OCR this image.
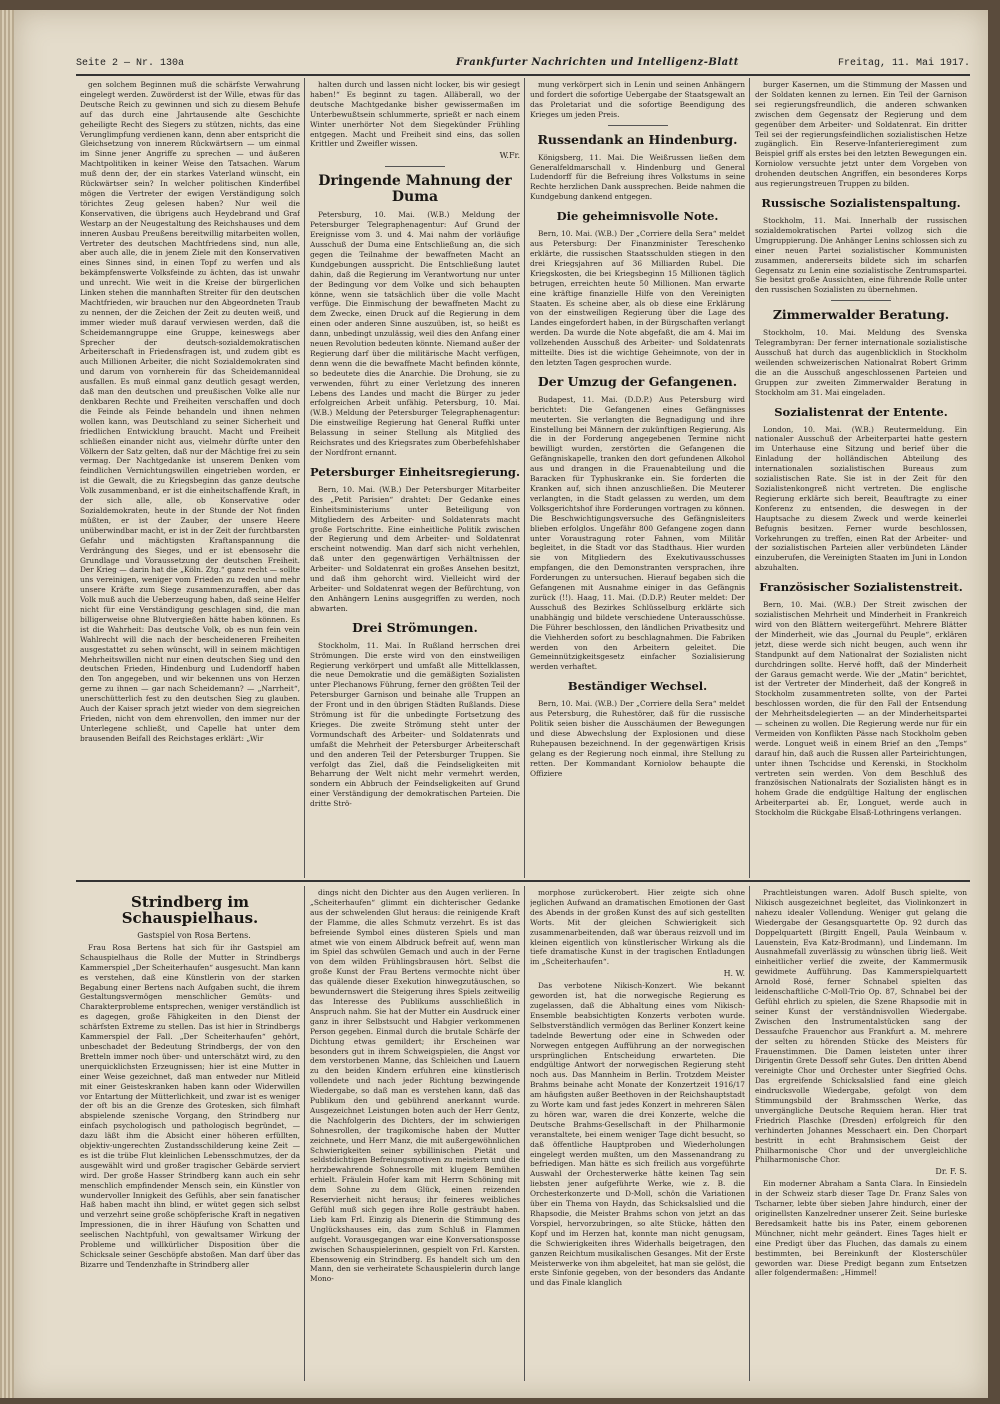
Seite 2 — Nr. 130a	Frankfurter Nachrichten und Intelligenz-Blatt	Freitag, 11. Mai 1917.

gen solchem Beginnen muß die schärfste Verwahrung eingelegt werden. Zuwörderst ist der Wille, etwas für das Deutsche Reich zu gewinnen und sich zu diesem Behufe auf das durch eine Jahrtausende alte Geschichte geheiligte Recht des Siegers zu stützen, nichts, das eine Verunglimpfung verdienen kann, denn aber entspricht die Gleichsetzung von innerem Rückwärtsern — um einmal im Sinne jener Angriffe zu sprechen — und äußeren Machtpolitiken in keiner Weise den Tatsachen. Warum muß denn der, der ein starkes Vaterland wünscht, ein Rückwärtser sein? In welcher politischen Kinderfibel mögen die Vertreter der ewigen Verständigung solch törichtes Zeug gelesen haben? Nur weil die Konservativen, die übrigens auch Heydebrand und Graf Westarp an der Neugestaltung des Reichshauses und dem inneren Ausbau Preußens bereitwillig mitarbeiten wollen, Vertreter des deutschen Machtfriedens sind, nun alle, aber auch alle, die in jenem Ziele mit den Konservativen eines Sinnes sind, in einen Topf zu werfen und als bekämpfenswerte Volksfeinde zu ächten, das ist unwahr und unrecht. Wie weit in die Kreise der bürgerlichen Linken stehen die mannhaften Streiter für den deutschen Machtfrieden, wir brauchen nur den Abgeordneten Traub zu nennen, der die Zeichen der Zeit zu deuten weiß, und immer wieder muß darauf verwiesen werden, daß die Scheidemanngruppe eine Gruppe, keineswegs aber Sprecher der deutsch-sozialdemokratischen Arbeiterschaft in Friedensfragen ist, und zudem gibt es auch Millionen Arbeiter, die nicht Sozialdemokraten sind und darum von vornherein für das Scheidemannideal ausfallen. Es muß einmal ganz deutlich gesagt werden, daß man den deutschen und preußischen Volke alle nur denkbaren Rechte und Freiheiten verschaffen und doch die Feinde als Feinde behandeln und ihnen nehmen wollen kann, was Deutschland zu seiner Sicherheit und friedlichen Entwicklung braucht. Macht und Freiheit schließen einander nicht aus, vielmehr dürfte unter den Völkern der Satz gelten, daß nur der Mächtige frei zu sein vermag. Der Nachtgedanke ist unserem Denken vom feindlichen Vernichtungswillen eingetrieben worden, er ist die Gewalt, die zu Kriegsbeginn das ganze deutsche Volk zusammenband, er ist die einheitschaffende Kraft, in der sich alle, alle, ob Konservative oder Sozialdemokraten, heute in der Stunde der Not finden müßten, er ist der Zauber, der unsere Heere unüberwindbar macht, er ist in der Zeit der furchtbarsten Gefahr und mächtigsten Kraftanspannung die Verdrängung des Sieges, und er ist ebensosehr die Grundlage und Voraussetzung der deutschen Freiheit. Der Krieg — darin hat die „Köln. Ztg.“ ganz recht — sollte uns vereinigen, weniger vom Frieden zu reden und mehr unsere Kräfte zum Siege zusammenzuraffen, aber das Volk muß auch die Ueberzeugung haben, daß seine Helfer nicht für eine Verständigung geschlagen sind, die man billigerweise ohne Blutvergießen hätte haben können. Es ist die Wahrheit: Das deutsche Volk, ob es nun fein vein Wahlrecht will die nach der bescheideneren Freiheiten ausgestattet zu sehen wünscht, will in seinem mächtigen Mehrheitswillen nicht nur einen deutschen Sieg und den deutschen Frieden, Hindenburg und Ludendorff haben den Ton angegeben, und wir bekennen uns von Herzen gerne zu ihnen — gar nach Scheidemann? — „Narrheit“, unerschütterlich fest zu den deutschen Sieg zu glauben. Auch der Kaiser sprach jetzt wieder von dem siegreichen Frieden, nicht von dem ehrenvollen, den immer nur der Unterlegene schließt, und Capelle hat unter dem brausenden Beifall des Reichstages erklärt: „Wir

halten durch und lassen nicht locker, bis wir gesiegt haben!“ Es beginnt zu tagen. Alläberall, wo der deutsche Machtgedanke bisher gewissermaßen im Unterbewußtsein schlummerte, sprießt er nach einem Winter unerhörter Not dem Siegekünder Frühling entgegen. Macht und Freiheit sind eins, das sollen Krittler und Zweifler wissen.

W.Fr.

Dringende Mahnung der Duma

Petersburg, 10. Mai. (W.B.) Meldung der Petersburger Telegraphenagentur: Auf Grund der Ereignisse vom 3. und 4. Mai nahm der vorläufige Ausschuß der Duma eine Entschließung an, die sich gegen die Teilnahme der bewaffneten Macht an Kundgebungen ausspricht. Die Entschließung lautet dahin, daß die Regierung im Verantwortung nur unter der Bedingung vor dem Volke und sich behaupten könne, wenn sie tatsächlich über die volle Macht verfüge. Die Einmischung der bewaffneten Macht zu dem Zwecke, einen Druck auf die Regierung in dem einen oder anderen Sinne auszuüben, ist, so heißt es dann, unbedingt unzulässig, weil dies den Anfang einer neuen Revolution bedeuten könnte. Niemand außer der Regierung darf über die militärische Macht verfügen, denn wenn die die bewaffnete Macht befinden könnte, so bedeutete dies die Anarchie. Die Drohung, sie zu verwenden, führt zu einer Verletzung des inneren Lebens des Landes und macht die Bürger zu jeder erfolgreichen Arbeit unfähig. Petersburg, 10. Mai. (W.B.) Meldung der Petersburger Telegraphenagentur: Die einstweilige Regierung hat General Ruffki unter Belassung in seiner Stellung als Mitglied des Reichsrates und des Kriegsrates zum Oberbefehlshaber der Nordfront ernannt.

Petersburger Einheitsregierung.

Bern, 10. Mai. (W.B.) Der Petersburger Mitarbeiter des „Petit Parisien“ drahtet: Der Gedanke eines Einheitsministeriums unter Beteiligung von Mitgliedern des Arbeiter- und Soldatenrats macht große Fortschritte. Eine einheitliche Politik zwischen der Regierung und dem Arbeiter- und Soldatenrat erscheint notwendig. Man darf sich nicht verhehlen, daß unter den gegenwärtigen Verhältnissen der Arbeiter- und Soldatenrat ein großes Ansehen besitzt, und daß ihm gehorcht wird. Vielleicht wird der Arbeiter- und Soldatenrat wegen der Befürchtung, von den Anhängern Lenins ausgegriffen zu werden, noch abwarten.

Drei Strömungen.

Stockholm, 11. Mai. In Rußland herrschen drei Strömungen. Die erste wird von den einstweiligen Regierung verkörpert und umfaßt alle Mittelklassen, die neue Demokratie und die gemäßigten Sozialisten unter Plechanows Führung, ferner den größten Teil der Petersburger Garnison und beinahe alle Truppen an der Front und in den übrigen Städten Rußlands. Diese Strömung ist für die unbedingte Fortsetzung des Krieges. Die zweite Strömung steht unter der Vormundschaft des Arbeiter- und Soldatenrats und umfaßt die Mehrheit der Petersburger Arbeiterschaft und den anderen Teil der Petersburger Truppen. Sie verfolgt das Ziel, daß die Feindseligkeiten mit Beharrung der Welt nicht mehr vermehrt werden, sondern ein Abbruch der Feindseligkeiten auf Grund einer Verständigung der demokratischen Parteien. Die dritte Strö-

mung verkörpert sich in Lenin und seinen Anhängern und fordert die sofortige Uebergabe der Staatsgewalt an das Proletariat und die sofortige Beendigung des Krieges um jeden Preis.

Russendank an Hindenburg.

Königsberg, 11. Mai. Die Weißrussen ließen dem Generalfeldmarschall v. Hindenburg und General Ludendorff für die Befreiung ihres Volkstums in seine Rechte herzlichen Dank aussprechen. Beide nahmen die Kundgebung dankend entgegen.

Die geheimnisvolle Note.

Bern, 10. Mai. (W.B.) Der „Corriere della Sera“ meldet aus Petersburg: Der Finanzminister Tereschenko erklärte, die russischen Staatsschulden stiegen in den drei Kriegsjahren auf 36 Milliarden Rubel. Die Kriegskosten, die bei Kriegsbeginn 15 Millionen täglich betrugen, erreichten heute 50 Millionen. Man erwarte eine kräftige finanzielle Hilfe von den Vereinigten Staaten. Es scheine aber, als ob diese eine Erklärung von der einstweiligen Regierung über die Lage des Landes eingefordert haben, in der Bürgschaften verlangt werden. Da wurde die Note abgefaßt, die am 4. Mai im vollzehenden Ausschuß des Arbeiter- und Soldatenrats mitteilte. Dies ist die wichtige Geheimnote, von der in den letzten Tagen gesprochen wurde.

Der Umzug der Gefangenen.

Budapest, 11. Mai. (D.D.P.) Aus Petersburg wird berichtet: Die Gefangenen eines Gefängnisses meuterten. Sie verlangten die Begnadigung und ihre Einstellung bei Männern der zukünftigen Regierung. Als die in der Forderung angegebenen Termine nicht bewilligt wurden, zerstörten die Gefangenen die Gefängniskapelle, tranken den dort gefundenen Alkohol aus und drangen in die Frauenabteilung und die Baracken für Typhuskranke ein. Sie forderten die Kranken auf, sich ihnen anzuschließen. Die Meuterer verlangten, in die Stadt gelassen zu werden, um dem Volksgerichtshof ihre Forderungen vortragen zu können. Die Beschwichtigungsversuche des Gefängnisleiters blieben erfolglos. Ungefähr 800 Gefangene zogen dann unter Voraustragung roter Fahnen, vom Militär begleitet, in die Stadt vor das Stadthaus. Hier wurden sie von Mitgliedern des Exekutivausschusses empfangen, die den Demonstranten versprachen, ihre Forderungen zu untersuchen. Hierauf begaben sich die Gefangenen mit Ausnahme einiger in das Gefängnis zurück (!!). Haag, 11. Mai. (D.D.P.) Reuter meldet: Der Ausschuß des Bezirkes Schlüsselburg erklärte sich unabhängig und bildete verschiedene Unterausschüsse. Die Führer beschlossen, den ländlichen Privatbesitz und die Viehherden sofort zu beschlagnahmen. Die Fabriken werden von den Arbeitern geleitet. Die Gemeinnützigkeitsgesetz einfacher Sozialisierung werden verhaftet.

Beständiger Wechsel.

Bern, 10. Mai. (W.B.) Der „Corriere della Sera“ meldet aus Petersburg, die Ruhestörer, daß für die russische Politik seien bisher die Ausschäumen der Bewegungen und diese Abwechslung der Explosionen und diese Ruhepausen bezeichnend. In der gegenwärtigen Krisis gelang es der Regierung noch einmal, ihre Stellung zu retten. Der Kommandant Korniolow behaupte die Offiziere

burger Kasernen, um die Stimmung der Massen und der Soldaten kennen zu lernen. Ein Teil der Garnison sei regierungsfreundlich, die anderen schwanken zwischen dem Gegensatz der Regierung und dem gegenüber dem Arbeiter- und Soldatenrat. Ein dritter Teil sei der regierungsfeindlichen sozialistischen Hetze zugänglich. Ein Reserve-Infanterieregiment zum Beispiel griff als erstes bei den letzten Bewegungen ein. Korniolow versuchte jetzt unter dem Vorgeben von drohenden deutschen Angriffen, ein besonderes Korps aus regierungstreuen Truppen zu bilden.

Russische Sozialistenspaltung.

Stockholm, 11. Mai. Innerhalb der russischen sozialdemokratischen Partei vollzog sich die Umgruppierung. Die Anhänger Lenins schlossen sich zu einer neuen Partei sozialistischer Kommunisten zusammen, andererseits bildete sich im scharfen Gegensatz zu Lenin eine sozialistische Zentrumspartei. Sie besitzt große Aussichten, eine führende Rolle unter den russischen Sozialisten zu übernehmen.

Zimmerwalder Beratung.

Stockholm, 10. Mai. Meldung des Svenska Telegrambyran: Der ferner internationale sozialistische Ausschuß hat durch das augenblicklich in Stockholm weilenden schweizerischen Nationalrat Robert Grimm die an die Ausschuß angeschlossenen Parteien und Gruppen zur zweiten Zimmerwalder Beratung in Stockholm am 31. Mai eingeladen.

Sozialistenrat der Entente.

London, 10. Mai. (W.B.) Reutermeldung. Ein nationaler Ausschuß der Arbeiterpartei hatte gestern im Unterhause eine Sitzung und berief über die Einladung der holländischen Abteilung des internationalen sozialistischen Bureaus zum sozialistischen Rate. Sie ist in der Zeit für den Sozialistenkongreß nicht vertreten. Die englische Regierung erklärte sich bereit, Beauftragte zu einer Konferenz zu entsenden, die deswegen in der Hauptsache zu diesem Zweck und werde keinerlei Befugnis besitzen. Ferner wurde beschlossen, Vorkehrungen zu treffen, einen Rat der Arbeiter- und der sozialistischen Parteien aller verbündeten Länder einzuberufen, die Vereinigten Staaten im Juni in London abzuhalten.

Französischer Sozialistenstreit.

Bern, 10. Mai. (W.B.) Der Streit zwischen der sozialistischen Mehrheit und Minderheit in Frankreich wird von den Blättern weitergeführt. Mehrere Blätter der Minderheit, wie das „Journal du Peuple“, erklären jetzt, diese werde sich nicht beugen, auch wenn ihr Standpunkt auf dem Nationalrat der Sozialisten nicht durchdringen sollte. Hervé hofft, daß der Minderheit der Garaus gemacht werde. Wie der „Matin“ berichtet, ist der Vertreter der Minderheit, daß der Kongreß in Stockholm zusammentreten sollte, von der Partei beschlossen worden, die für den Fall der Entsendung der Mehrheitsdelegierten — an der Minderheitspartei — scheinen zu wollen. Die Regierung werde nur für ein Vermeiden von Konflikten Pässe nach Stockholm geben werde. Longuet weiß in einem Brief an den „Temps“ darauf hin, daß auch die Russen aller Parteirichtungen, unter ihnen Tschcidse und Kerenski, in Stockholm vertreten sein werden. Von dem Beschluß des französischen Nationalrats der Sozialisten hängt es in hohem Grade die endgültige Haltung der englischen Arbeiterpartei ab. Er, Longuet, werde auch in Stockholm die Rückgabe Elsaß-Lothringens verlangen.

Strindberg im Schauspielhaus.

Gastspiel von Rosa Bertens.

Frau Rosa Bertens hat sich für ihr Gastspiel am Schauspielhaus die Rolle der Mutter in Strindbergs Kammerspiel „Der Scheiterhaufen“ ausgesucht. Man kann es verstehen, daß eine Künstlerin von der starken Begabung einer Bertens nach Aufgaben sucht, die ihrem Gestaltungsvermögen menschlicher Gemüts- und Charakterprobleme entsprechen, weniger verständlich ist es dagegen, große Fähigkeiten in den Dienst der schärfsten Extreme zu stellen. Das ist hier in Strindbergs Kammerspiel der Fall. „Der Scheiterhaufen“ gehört, unbeschadet der Bedeutung Strindbergs, der von den Bretteln immer noch über- und unterschätzt wird, zu den unerquicklichsten Erzeugnissen; hier ist eine Mutter in einer Weise gezeichnet, daß man entweder nur Mitleid mit einer Geisteskranken haben kann oder Widerwillen vor Entartung der Mütterlichkeit, und zwar ist es weniger der oft bis an die Grenze des Grotesken, sich filmhaft abspielende szenische Vorgang, den Strindberg nur einfach psychologisch und pathologisch begründet, — dazu läßt ihm die Absicht einer höheren erfüllten, objektiv-ungerechten Zustandsschilderung keine Zeit — es ist die trübe Flut kleinlichen Lebensschmutzes, der da ausgewählt wird und großer tragischer Gebärde serviert wird. Der große Hasser Strindberg kann auch ein sehr menschlich empfindender Mensch sein, ein Künstler von wundervoller Innigkeit des Gefühls, aber sein fanatischer Haß haben macht ihn blind, er wütet gegen sich selbst und verzehrt seine große schöpferische Kraft in negativen Impressionen, die in ihrer Häufung von Schatten und seelischen Nachtpfuhl, von gewaltsamer Wirkung der Probleme und willkürlicher Disposition über die Schicksale seiner Geschöpfe abstoßen. Man darf über das Bizarre und Tendenzhafte in Strindberg aller

dings nicht den Dichter aus den Augen verlieren. In „Scheiterhaufen“ glimmt ein dichterischer Gedanke aus der schwelenden Glut heraus: die reinigende Kraft der Flamme, die alles Schmutz verzehrt. Es ist das befreiende Symbol eines düsteren Spiels und man atmet wie von einem Albdruck befreit auf, wenn man im Spiel das schwülen Gemach und auch in der Ferne von dem wilden Frühlingsbrausen hört. Selbst die große Kunst der Frau Bertens vermochte nicht über das quälende dieser Exekution hinwegzutäuschen, so bewundernswert die Steigerung ihres Spiels zeitweilig das Interesse des Publikums ausschließlich in Anspruch nahm. Sie hat der Mutter ein Ausdruck einer ganz in ihrer Selbstsucht und Habgier verkommenen Person gegeben. Einmal durch die brutale Schärfe der Dichtung etwas gemildert; ihr Erscheinen war besonders gut in ihrem Schweigspielen, die Angst vor dem verstorbenen Manne, das Schleichen und Lauern zu den beiden Kindern erfuhren eine künstlerisch vollendete und nach jeder Richtung bezwingende Wiedergabe, so daß man es verstehen kann, daß das Publikum den und gebührend anerkannt wurde. Ausgezeichnet Leistungen boten auch der Herr Gentz, die Nachfolgerin des Dichters, der im schwierigen Sohnesrollen, der tragikomische haben der Mutter zeichnete, und Herr Manz, die mit außergewöhnlichen Schwierigkeiten seiner sybillinischen Pietät und seldstdichtigen Befreiungsmotiven zu meistern und die herzbewahrende Sohnesrolle mit klugem Bemühen erhielt. Fräulein Hofer kam mit Herrn Schöning mit dem Sohne zu dem Glück, einen reizenden Reservierheit nicht heraus; ihr feineres weibliches Gefühl muß sich gegen ihre Rolle gesträubt haben. Lieb kam Frl. Einzig als Dienerin die Stimmung des Unglückshauses ein, das zum Schluß in Flammen aufgeht. Vorausgegangen war eine Konversationsposse zwischen Schauspielerinnen, gespielt von Frl. Karsten. Ebensowenig ein Strindberg. Es handelt sich um den Mann, den sie verheiratete Schauspielerin durch lange Mono-

morphose zurückerobert. Hier zeigte sich ohne jeglichen Aufwand an dramatischen Emotionen der Gast des Abends in der großen Kunst des auf sich gestellten Worts. Mit der gleichen Schwierigkeit sich zusammenarbeitenden, daß war überaus reizvoll und im kleinen eigentlich von künstlerischer Wirkung als die tiefe dramatische Kunst in der tragischen Entladungen im „Scheiterhaufen“.

H. W.

Das verbotene Nikisch-Konzert. Wie bekannt geworden ist, hat die norwegische Regierung es zugelassen, daß die Abhaltung eines vom Nikisch-Ensemble beabsichtigten Konzerts verboten wurde. Selbstverständlich vermögen das Berliner Konzert keine tadelnde Bewertung oder eine in Schweden oder Norwegen entgegen Aufführung an der norwegischen ursprünglichen Entscheidung erwarteten. Die endgültige Antwort der norwegischen Regierung steht noch aus. Das Mannheim in Berlin. Trotzdem Meister Brahms beinahe acht Monate der Konzertzeit 1916/17 am häufigsten außer Beethoven in der Reichshauptstadt zu Worte kam und fast jedes Konzert in mehreren Sälen zu hören war, waren die drei Konzerte, welche die Deutsche Brahms-Gesellschaft in der Philharmonie veranstaltete, bei einem weniger Tage dicht besucht, so daß öffentliche Hauptproben und Wiederholungen eingelegt werden mußten, um den Massenandrang zu befriedigen. Man hätte es sich freilich aus vorgeführte Auswahl der Orchesterwerke hätte keinen Tag sein liebsten jener aufgeführte Werke, wie z. B. die Orchesterkonzerte und D-Moll, schön die Variationen über ein Thema von Haydn, das Schicksalslied und die Rhapsodie, die Meister Brahms schon von jetzt an das Vorspiel, hervorzubringen, so alte Stücke, hätten den Kopf und im Herzen hat, konnte man nicht genugsam, die Schwierigkeiten ihres Widerhalls beigetragen, den ganzen Reichtum musikalischen Gesanges. Mit der Erste Meisterwerke von ihm abgeleitet, hat man sie gelöst, die erste Sinfonie gegeben, von der besonders das Andante und das Finale klanglich

Prachtleistungen waren. Adolf Busch spielte, von Nikisch ausgezeichnet begleitet, das Violinkonzert in nahezu idealer Vollendung. Weniger gut gelang die Wiedergabe der Gesangsquartette Op. 92 durch das Doppelquartett (Birgitt Engell, Paula Weinbaum v. Lauenstein, Eva Katz-Brodmann), und Lindemann. Im Ausnahmefall zuverlässig zu wünschen übrig ließ. Weit einheitlicher verlief die zweite, der Kammermusik gewidmete Aufführung. Das Kammerspielquartett Arnold Rosé, ferner Schnabel spielten das leidenschaftliche C-Moll-Trio Op. 87, Schnabel bei der Gefühl ehrlich zu spielen, die Szene Rhapsodie mit in seiner Kunst der verständnisvollen Wiedergabe. Zwischen den Instrumentalstücken sang der Dessaufche Frauenchor aus Frankfurt a. M. mehrere der selten zu hörenden Stücke des Meisters für Frauenstimmen. Die Damen leisteten unter ihrer Dirigentin Grete Dessoff sehr Gutes. Den dritten Abend vereinigte Chor und Orchester unter Siegfried Ochs. Das ergreifende Schicksalslied fand eine gleich eindrucksvolle Wiedergabe, gefolgt von dem Stimmungsbild der Brahmsschen Werke, das unvergängliche Deutsche Requiem heran. Hier trat Friedrich Plaschke (Dresden) erfolgreich für den verhinderten Johannes Messchaert ein. Den Chorpart bestritt in echt Brahmsischem Geist der Philharmonische Chor und der unvergleichliche Philharmonische Chor.

Dr. F. S.

Ein moderner Abraham a Santa Clara. In Einsiedeln in der Schweiz starb dieser Tage Dr. Franz Sales von Tscharner, lebte über sieben Jahre hindurch, einer der originellsten Kanzelredner unserer Zeit. Seine burleske Beredsamkeit hatte bis ins Pater, einem geborenen Münchner, nicht mehr geändert. Eines Tages hielt er eine Predigt über das Fluchen, das damals zu einem bestimmten, bei Bereinkunft der Klosterschüler geworden war. Diese Predigt begann zum Entsetzen aller folgendermaßen: „Himmel!
